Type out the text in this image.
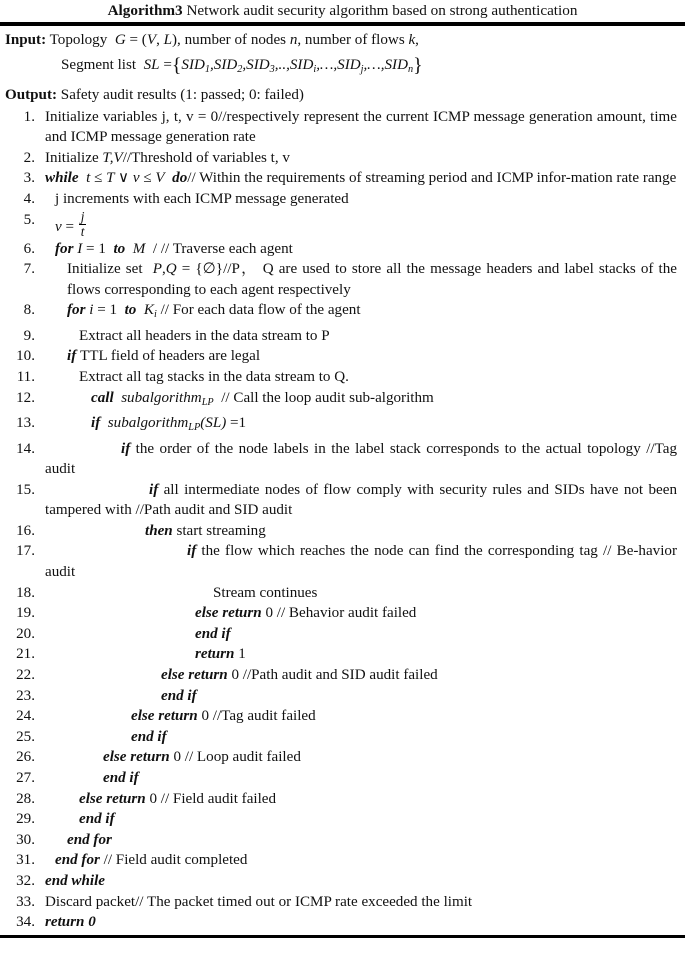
Algorithm3 Network audit security algorithm based on strong authentication
Input: Topology  G = (V, L), number of nodes n, number of flows k,
Segment list SL $=\{SID_1,SID_2,SID_3,..,SID_i,\dots,SID_j,\dots,SID_n\}$
Output: Safety audit results (1: passed; 0: failed)
1. Initialize variables j, t, v = 0//respectively represent the current ICMP message generation amount, time and ICMP message generation rate
2. Initialize T,V//Threshold of variables t, v
3. while t ≤ T ∨ v ≤ V do// Within the requirements of streaming period and ICMP infor-mation rate range
4.	j increments with each ICMP message generated
5.	$v = \frac{j}{t}$
6.	for I = 1 to M  / // Traverse each agent
7.	Initialize set  P,Q = {∅}//P， Q are used to store all the message headers and label stacks of the flows corresponding to each agent respectively
8.	for i = 1 to $K_i$ // For each data flow of the agent
9.	Extract all headers in the data stream to P
10.	if TTL field of headers are legal
11.	Extract all tag stacks in the data stream to Q.
12.	call subalgorithm$_{LP}$  // Call the loop audit sub-algorithm
13.	if subalgorithm$_{LP}$(SL) =1
14.	if the order of the node labels in the label stack corresponds to the actual topology //Tag audit
15.	if all intermediate nodes of flow comply with security rules and SIDs have not been tampered with //Path audit and SID audit
16.	then start streaming
17.	if the flow which reaches the node can find the corresponding tag // Be-havior audit
18.	Stream continues
19.	else return 0 // Behavior audit failed
20.	end if
21.	return 1
22.	else return 0 //Path audit and SID audit failed
23.	end if
24.	else return 0 //Tag audit failed
25.	end if
26.	else return 0 // Loop audit failed
27.	end if
28.	else return 0 // Field audit failed
29.	end if
30.	end for
31.	end for // Field audit completed
32. end while
33. Discard packet// The packet timed out or ICMP rate exceeded the limit
34. return 0
